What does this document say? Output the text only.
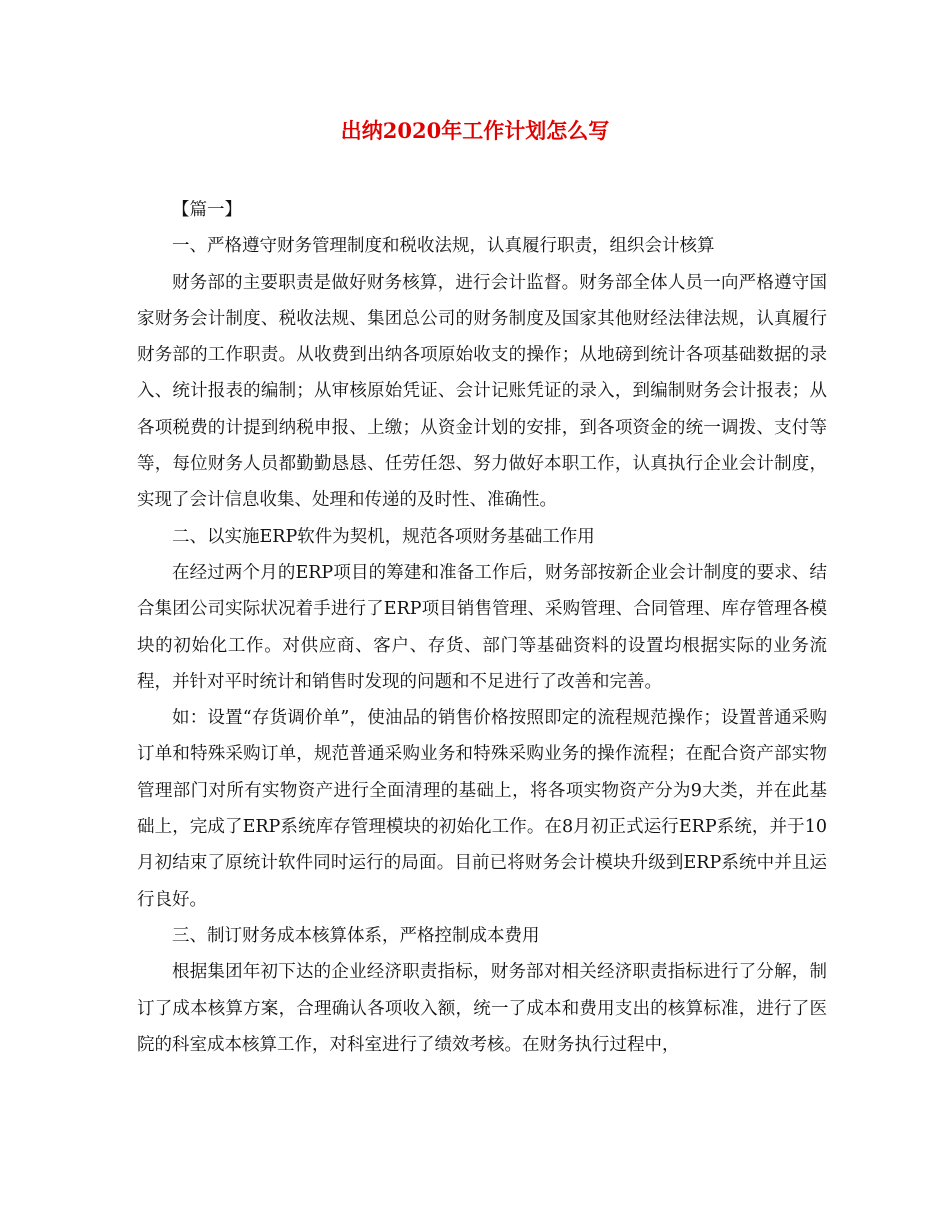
出纳2020年工作计划怎么写

【篇一】

一、严格遵守财务管理制度和税收法规，认真履行职责，组织会计核算

财务部的主要职责是做好财务核算，进行会计监督。财务部全体人员一向严格遵守国家财务会计制度、税收法规、集团总公司的财务制度及国家其他财经法律法规，认真履行财务部的工作职责。从收费到出纳各项原始收支的操作；从地磅到统计各项基础数据的录入、统计报表的编制；从审核原始凭证、会计记账凭证的录入，到编制财务会计报表；从各项税费的计提到纳税申报、上缴；从资金计划的安排，到各项资金的统一调拨、支付等等，每位财务人员都勤勤恳恳、任劳任怨、努力做好本职工作，认真执行企业会计制度，实现了会计信息收集、处理和传递的及时性、准确性。

二、以实施ERP软件为契机，规范各项财务基础工作用

在经过两个月的ERP项目的筹建和准备工作后，财务部按新企业会计制度的要求、结合集团公司实际状况着手进行了ERP项目销售管理、采购管理、合同管理、库存管理各模块的初始化工作。对供应商、客户、存货、部门等基础资料的设置均根据实际的业务流程，并针对平时统计和销售时发现的问题和不足进行了改善和完善。

如：设置“存货调价单”，使油品的销售价格按照即定的流程规范操作；设置普通采购订单和特殊采购订单，规范普通采购业务和特殊采购业务的操作流程；在配合资产部实物管理部门对所有实物资产进行全面清理的基础上，将各项实物资产分为9大类，并在此基础上，完成了ERP系统库存管理模块的初始化工作。在8月初正式运行ERP系统，并于10月初结束了原统计软件同时运行的局面。目前已将财务会计模块升级到ERP系统中并且运行良好。

三、制订财务成本核算体系，严格控制成本费用

根据集团年初下达的企业经济职责指标，财务部对相关经济职责指标进行了分解，制订了成本核算方案，合理确认各项收入额，统一了成本和费用支出的核算标准，进行了医院的科室成本核算工作，对科室进行了绩效考核。在财务执行过程中，
